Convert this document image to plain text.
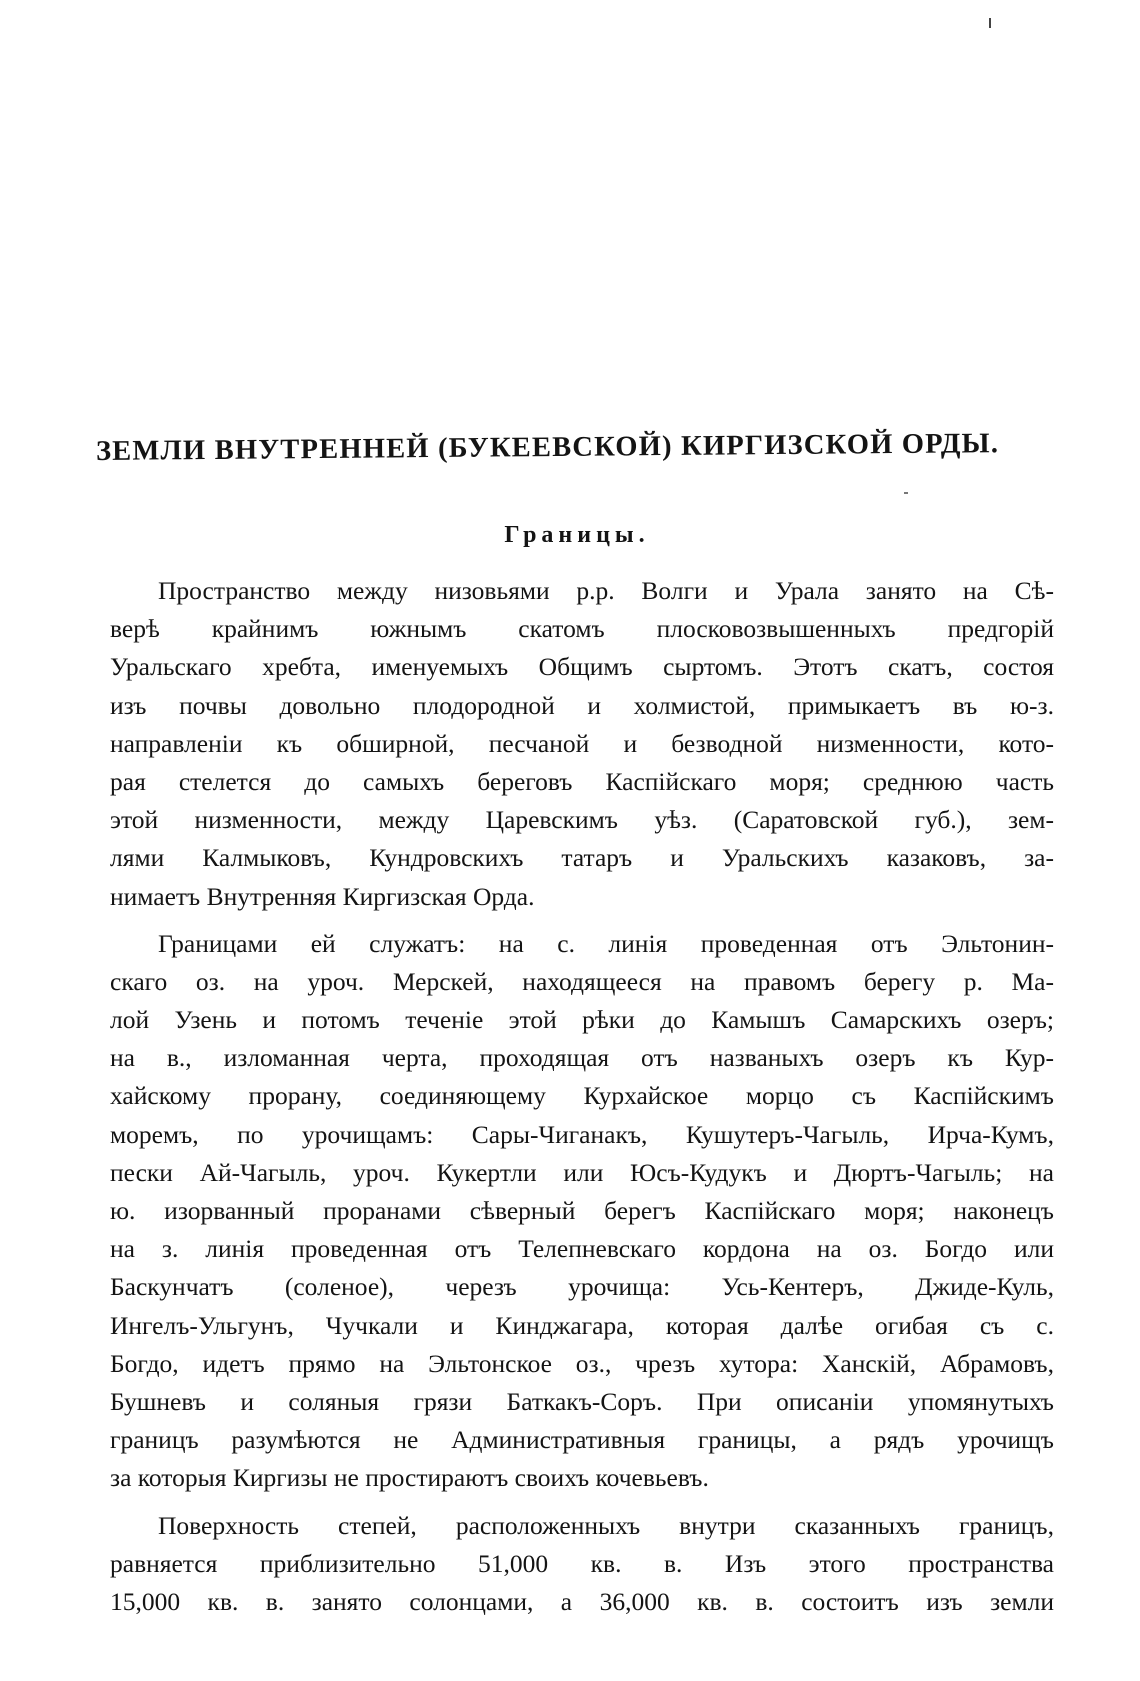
ЗЕМЛИ ВНУТРЕННЕЙ (БУКЕЕВСКОЙ) КИРГИЗСКОЙ ОРДЫ.
Границы.

Пространство между низовьями р.р. Волги и Урала занято на Сѣ-
верѣ крайнимъ южнымъ скатомъ плосковозвышенныхъ предгорій
Уральскаго хребта, именуемыхъ Общимъ сыртомъ. Этотъ скатъ, состоя
изъ почвы довольно плодородной и холмистой, примыкаетъ въ ю-з.
направленіи къ обширной, песчаной и безводной низменности, кото-
рая стелется до самыхъ береговъ Каспійскаго моря; среднюю часть
этой низменности, между Царевскимъ уѣз. (Саратовской губ.), зем-
лями Калмыковъ, Кундровскихъ татаръ и Уральскихъ казаковъ, за-
нимаетъ Внутренняя Киргизская Орда.

Границами ей служатъ: на с. линія проведенная отъ Эльтонин-
скаго оз. на уроч. Мерскей, находящееся на правомъ берегу р. Ма-
лой Узень и потомъ теченіе этой рѣки до Камышъ Самарскихъ озеръ;
на в., изломанная черта, проходящая отъ названыхъ озеръ къ Кур-
хайскому прорану, соединяющему Курхайское морцо съ Каспійскимъ
моремъ, по урочищамъ: Сары-Чиганакъ, Кушутеръ-Чагыль, Ирча-Кумъ,
пески Ай-Чагыль, уроч. Кукертли или Юсъ-Кудукъ и Дюртъ-Чагыль; на
ю. изорванный проранами сѣверный берегъ Каспійскаго моря; наконецъ
на з. линія проведенная отъ Телепневскаго кордона на оз. Богдо или
Баскунчатъ (соленое), черезъ урочища: Усь-Кентеръ, Джиде-Куль,
Ингелъ-Ульгунъ, Чучкали и Кинджагара, которая далѣе огибая съ с.
Богдо, идетъ прямо на Эльтонское оз., чрезъ хутора: Ханскій, Абрамовъ,
Бушневъ и соляныя грязи Баткакъ-Соръ. При описаніи упомянутыхъ
границъ разумѣются не Административныя границы, а рядъ урочищъ
за которыя Киргизы не простираютъ своихъ кочевьевъ.

Поверхность степей, расположенныхъ внутри сказанныхъ границъ,
равняется приблизительно 51,000 кв. в. Изъ этого пространства
15,000 кв. в. занято солонцами, а 36,000 кв. в. состоитъ изъ земли
